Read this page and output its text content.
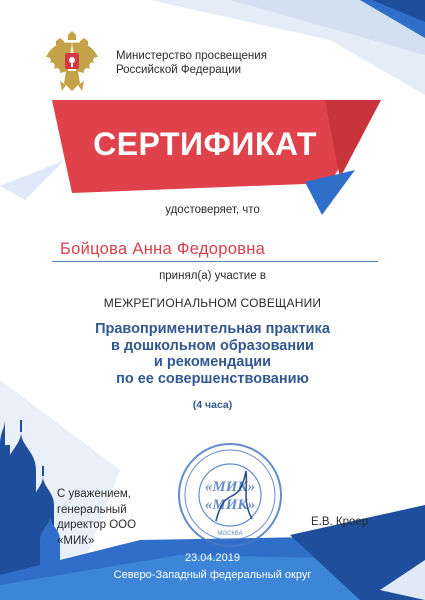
Министерство просвещения
Российской Федерации
СЕРТИФИКАТ
удостоверяет, что
Бойцова Анна Федоровна
принял(а) участие в
МЕЖРЕГИОНАЛЬНОМ СОВЕЩАНИИ
Правоприменительная практика
в дошкольном образовании
и рекомендации
по ее совершенствованию
(4 часа)
С уважением,
генеральный
директор ООО
«МИК»
«МИК»
«МИК»
МОСКВА
Е.В. Кроер
23.04.2019
Северо-Западный федеральный округ
